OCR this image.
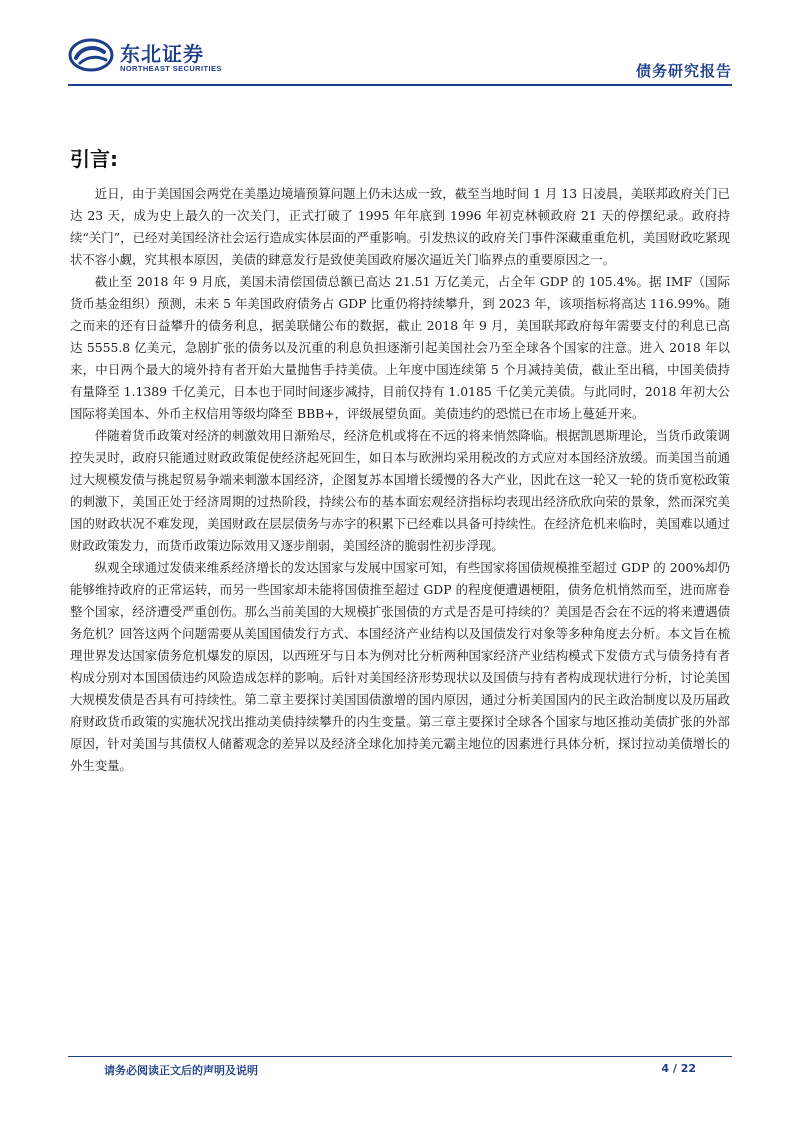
东北证券
NORTHEAST SECURITIES	债务研究报告
引言:

近日，由于美国国会两党在美墨边境墙预算问题上仍未达成一致，截至当地时间 1 月 13 日凌晨，美联邦政府关门已达 23 天，成为史上最久的一次关门，正式打破了 1995 年年底到 1996 年初克林顿政府 21 天的停摆纪录。政府持续“关门”，已经对美国经济社会运行造成实体层面的严重影响。引发热议的政府关门事件深藏重重危机，美国财政吃紧现状不容小觑，究其根本原因，美债的肆意发行是致使美国政府屡次逼近关门临界点的重要原因之一。

截止至 2018 年 9 月底，美国未清偿国债总额已高达 21.51 万亿美元，占全年 GDP 的 105.4%。据 IMF（国际货币基金组织）预测，未来 5 年美国政府债务占 GDP 比重仍将持续攀升，到 2023 年，该项指标将高达 116.99%。随之而来的还有日益攀升的债务利息，据美联储公布的数据，截止 2018 年 9 月，美国联邦政府每年需要支付的利息已高达 5555.8 亿美元，急剧扩张的债务以及沉重的利息负担逐渐引起美国社会乃至全球各个国家的注意。进入 2018 年以来，中日两个最大的境外持有者开始大量抛售手持美债。上年度中国连续第 5 个月减持美债，截止至出稿，中国美债持有量降至 1.1389 千亿美元，日本也于同时间逐步减持，目前仅持有 1.0185 千亿美元美债。与此同时，2018 年初大公国际将美国本、外币主权信用等级均降至 BBB+，评级展望负面。美债违约的恐慌已在市场上蔓延开来。

伴随着货币政策对经济的刺激效用日渐殆尽，经济危机或将在不远的将来悄然降临。根据凯恩斯理论，当货币政策调控失灵时，政府只能通过财政政策促使经济起死回生，如日本与欧洲均采用税改的方式应对本国经济放缓。而美国当前通过大规模发债与挑起贸易争端来刺激本国经济，企图复苏本国增长缓慢的各大产业，因此在这一轮又一轮的货币宽松政策的刺激下，美国正处于经济周期的过热阶段，持续公布的基本面宏观经济指标均表现出经济欣欣向荣的景象，然而深究美国的财政状况不难发现，美国财政在层层债务与赤字的积累下已经难以具备可持续性。在经济危机来临时，美国难以通过财政政策发力，而货币政策边际效用又逐步削弱，美国经济的脆弱性初步浮现。

纵观全球通过发债来维系经济增长的发达国家与发展中国家可知，有些国家将国债规模推至超过 GDP 的 200%却仍能够维持政府的正常运转，而另一些国家却未能将国债推至超过 GDP 的程度便遭遇梗阻，债务危机悄然而至，进而席卷整个国家，经济遭受严重创伤。那么当前美国的大规模扩张国债的方式是否是可持续的？美国是否会在不远的将来遭遇债务危机？回答这两个问题需要从美国国债发行方式、本国经济产业结构以及国债发行对象等多种角度去分析。本文旨在梳理世界发达国家债务危机爆发的原因，以西班牙与日本为例对比分析两种国家经济产业结构模式下发债方式与债务持有者构成分别对本国国债违约风险造成怎样的影响。后针对美国经济形势现状以及国债与持有者构成现状进行分析，讨论美国大规模发债是否具有可持续性。第二章主要探讨美国国债激增的国内原因，通过分析美国国内的民主政治制度以及历届政府财政货币政策的实施状况找出推动美债持续攀升的内生变量。第三章主要探讨全球各个国家与地区推动美债扩张的外部原因，针对美国与其债权人储蓄观念的差异以及经济全球化加持美元霸主地位的因素进行具体分析，探讨拉动美债增长的外生变量。

请务必阅读正文后的声明及说明	4 / 22
